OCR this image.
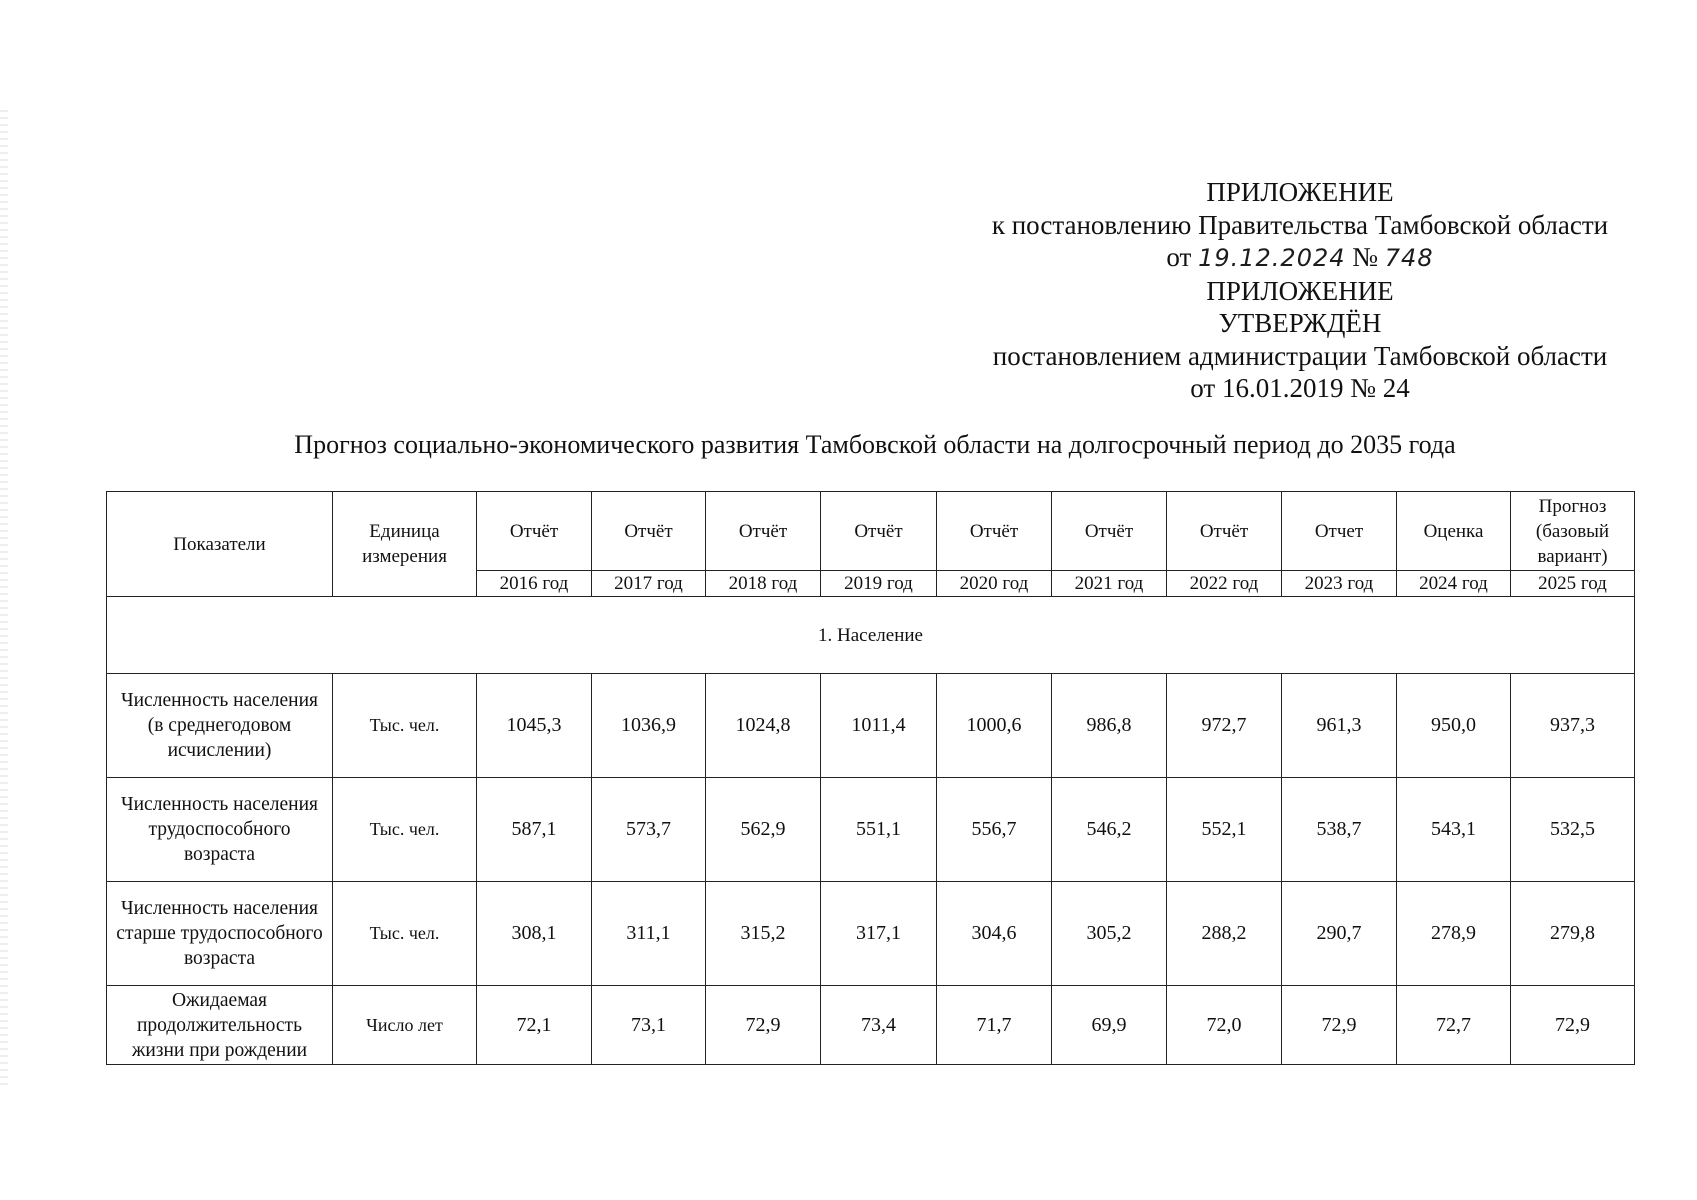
ПРИЛОЖЕНИЕ
к постановлению Правительства Тамбовской области
от 19.12.2024 № 748
ПРИЛОЖЕНИЕ
УТВЕРЖДЁН
постановлением администрации Тамбовской области
от 16.01.2019 № 24
Прогноз социально-экономического развития Тамбовской области на долгосрочный период до 2035 года
Показатели	Единица измерения	Отчёт	Отчёт	Отчёт	Отчёт	Отчёт	Отчёт	Отчёт	Отчет	Оценка	Прогноз (базовый вариант)
		2016 год	2017 год	2018 год	2019 год	2020 год	2021 год	2022 год	2023 год	2024 год	2025 год
1. Население											
Численность населения (в среднегодовом исчислении)	Тыс. чел.	1045,3	1036,9	1024,8	1011,4	1000,6	986,8	972,7	961,3	950,0	937,3
Численность населения трудоспособного возраста	Тыс. чел.	587,1	573,7	562,9	551,1	556,7	546,2	552,1	538,7	543,1	532,5
Численность населения старше трудоспособного возраста	Тыс. чел.	308,1	311,1	315,2	317,1	304,6	305,2	288,2	290,7	278,9	279,8
Ожидаемая продолжительность жизни при рождении	Число лет	72,1	73,1	72,9	73,4	71,7	69,9	72,0	72,9	72,7	72,9
